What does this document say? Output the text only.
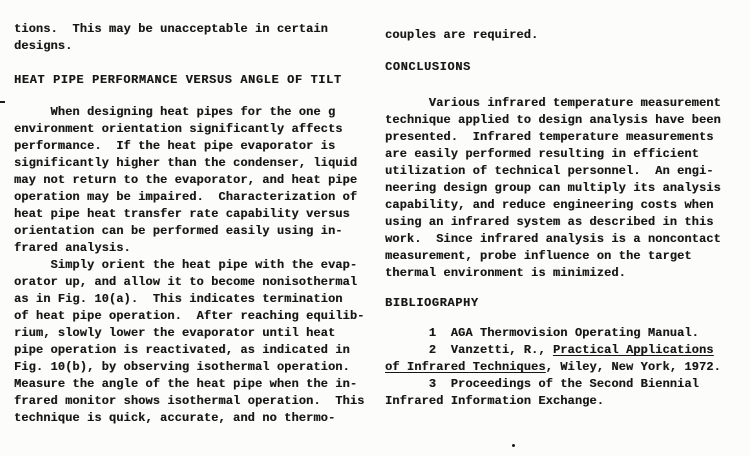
tions.  This may be unacceptable in certain
designs.
HEAT PIPE PERFORMANCE VERSUS ANGLE OF TILT
When designing heat pipes for the one g
environment orientation significantly affects
performance.  If the heat pipe evaporator is
significantly higher than the condenser, liquid
may not return to the evaporator, and heat pipe
operation may be impaired.  Characterization of
heat pipe heat transfer rate capability versus
orientation can be performed easily using in-
frared analysis.
Simply orient the heat pipe with the evap-
orator up, and allow it to become nonisothermal
as in Fig. 10(a).  This indicates termination
of heat pipe operation.  After reaching equilib-
rium, slowly lower the evaporator until heat
pipe operation is reactivated, as indicated in
Fig. 10(b), by observing isothermal operation.
Measure the angle of the heat pipe when the in-
frared monitor shows isothermal operation.  This
technique is quick, accurate, and no thermo-
couples are required.
CONCLUSIONS
Various infrared temperature measurement
technique applied to design analysis have been
presented.  Infrared temperature measurements
are easily performed resulting in efficient
utilization of technical personnel.  An engi-
neering design group can multiply its analysis
capability, and reduce engineering costs when
using an infrared system as described in this
work.  Since infrared analysis is a noncontact
measurement, probe influence on the target
thermal environment is minimized.
BIBLIOGRAPHY
1  AGA Thermovision Operating Manual.
2  Vanzetti, R., Practical Applications
of Infrared Techniques, Wiley, New York, 1972.
3  Proceedings of the Second Biennial
Infrared Information Exchange.
